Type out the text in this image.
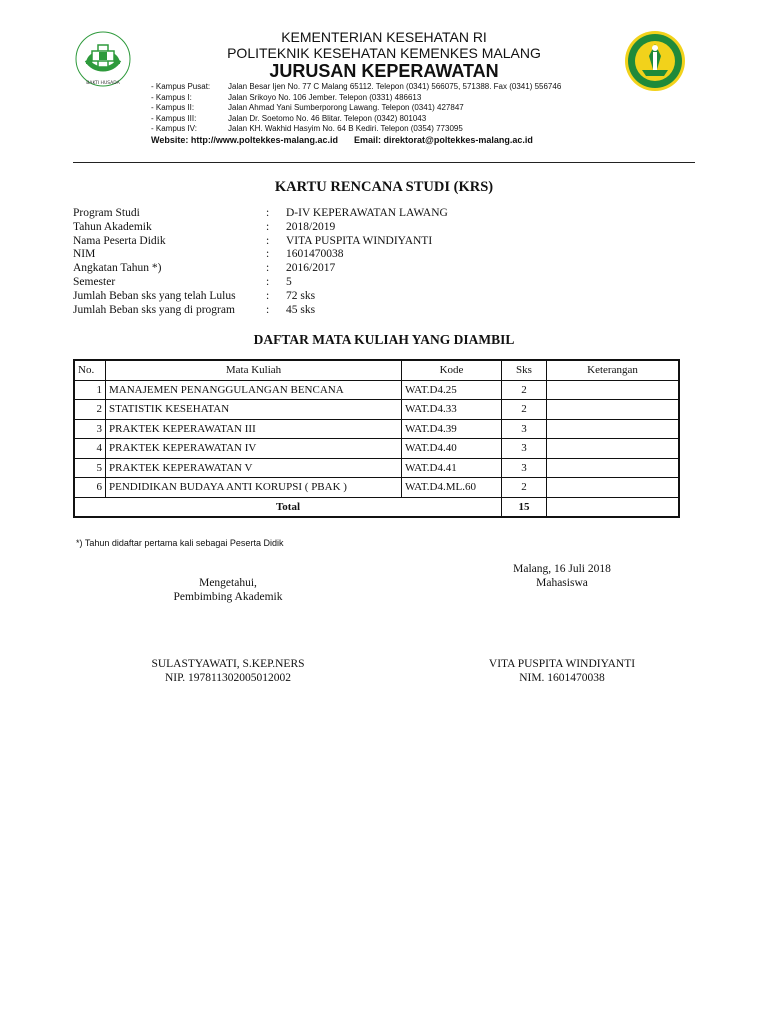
BAKTI HUSADA
KEMENTERIAN KESEHATAN RI
POLITEKNIK KESEHATAN KEMENKES MALANG
JURUSAN KEPERAWATAN
- Kampus Pusat:	Jalan Besar Ijen No. 77 C Malang 65112. Telepon (0341) 566075, 571388. Fax (0341) 556746
- Kampus I:	Jalan Srikoyo No. 106 Jember. Telepon (0331) 486613
- Kampus II:	Jalan Ahmad Yani Sumberporong Lawang. Telepon (0341) 427847
- Kampus III:	Jalan Dr. Soetomo No. 46 Blitar. Telepon (0342) 801043
- Kampus IV:	Jalan KH. Wakhid Hasyim No. 64 B Kediri. Telepon (0354) 773095
Website: http://www.poltekkes-malang.ac.id Email: direktorat@poltekkes-malang.ac.id
KARTU RENCANA STUDI (KRS)
Program Studi	:	D-IV KEPERAWATAN LAWANG
Tahun Akademik	:	2018/2019
Nama Peserta Didik	:	VITA PUSPITA WINDIYANTI
NIM	:	1601470038
Angkatan Tahun *)	:	2016/2017
Semester	:	5
Jumlah Beban sks yang telah Lulus	:	72 sks
Jumlah Beban sks yang di program	:	45 sks
DAFTAR MATA KULIAH YANG DIAMBIL
No.	Mata Kuliah	Kode	Sks	Keterangan
1	MANAJEMEN PENANGGULANGAN BENCANA	WAT.D4.25	2	
2	STATISTIK KESEHATAN	WAT.D4.33	2	
3	PRAKTEK KEPERAWATAN III	WAT.D4.39	3	
4	PRAKTEK KEPERAWATAN IV	WAT.D4.40	3	
5	PRAKTEK KEPERAWATAN V	WAT.D4.41	3	
6	PENDIDIKAN BUDAYA ANTI KORUPSI ( PBAK )	WAT.D4.ML.60	2	
Total			15	
*) Tahun didaftar pertama kali sebagai Peserta Didik
Malang, 16 Juli 2018
Mahasiswa
Mengetahui,
Pembimbing Akademik
SULASTYAWATI, S.KEP.NERS
NIP. 197811302005012002
VITA PUSPITA WINDIYANTI
NIM. 1601470038
